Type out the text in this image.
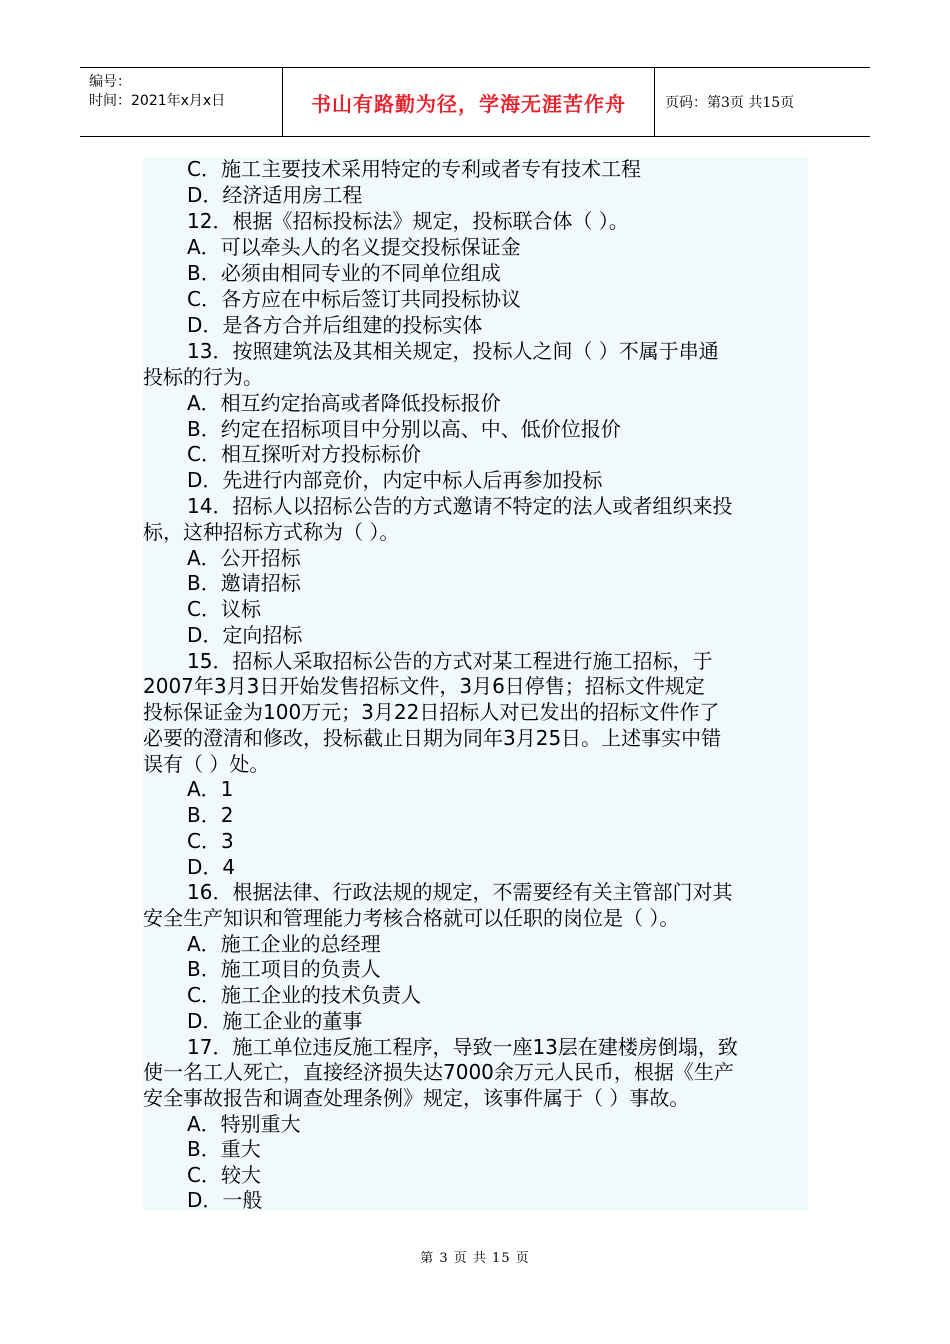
编号：
时间：2021年x月x日	书山有路勤为径，学海无涯苦作舟	页码：第3页 共15页
C．施工主要技术采用特定的专利或者专有技术工程
D．经济适用房工程
12．根据《招标投标法》规定，投标联合体（ ）。
A．可以牵头人的名义提交投标保证金
B．必须由相同专业的不同单位组成
C．各方应在中标后签订共同投标协议
D．是各方合并后组建的投标实体
13．按照建筑法及其相关规定，投标人之间（ ）不属于串通
投标的行为。
A．相互约定抬高或者降低投标报价
B．约定在招标项目中分别以高、中、低价位报价
C．相互探听对方投标标价
D．先进行内部竞价，内定中标人后再参加投标
14．招标人以招标公告的方式邀请不特定的法人或者组织来投
标，这种招标方式称为（ ）。
A．公开招标
B．邀请招标
C．议标
D．定向招标
15．招标人采取招标公告的方式对某工程进行施工招标，于
2007年3月3日开始发售招标文件，3月6日停售；招标文件规定
投标保证金为100万元；3月22日招标人对已发出的招标文件作了
必要的澄清和修改，投标截止日期为同年3月25日。上述事实中错
误有（ ）处。
A．1
B．2
C．3
D．4
16．根据法律、行政法规的规定，不需要经有关主管部门对其
安全生产知识和管理能力考核合格就可以任职的岗位是（ ）。
A．施工企业的总经理
B．施工项目的负责人
C．施工企业的技术负责人
D．施工企业的董事
17．施工单位违反施工程序，导致一座13层在建楼房倒塌，致
使一名工人死亡，直接经济损失达7000余万元人民币，根据《生产
安全事故报告和调查处理条例》规定，该事件属于（ ）事故。
A．特别重大
B．重大
C．较大
D．一般
第 3 页 共 15 页
